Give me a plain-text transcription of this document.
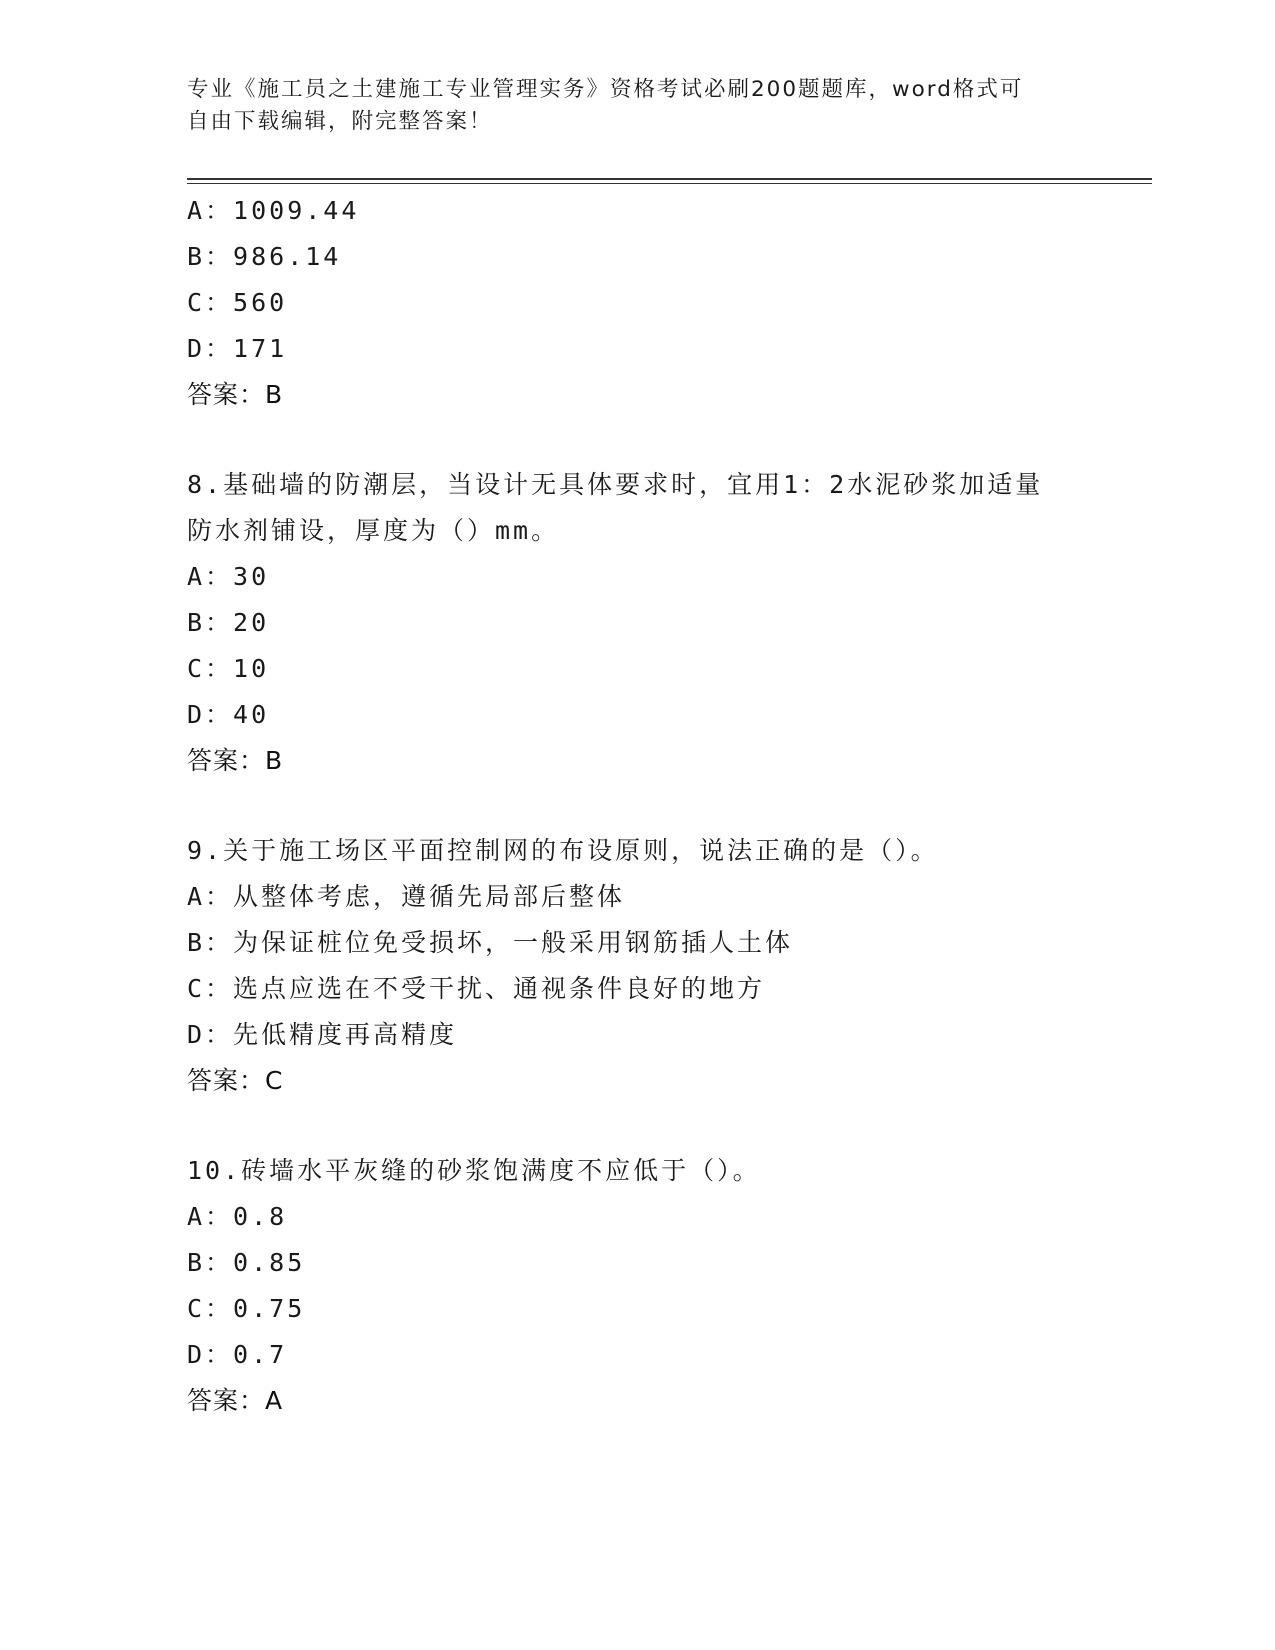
专业《施工员之土建施工专业管理实务》资格考试必刷200题题库，word格式可
自由下载编辑，附完整答案！
A：1009.44
B：986.14
C：560
D：171
答案：B
8.基础墙的防潮层，当设计无具体要求时，宜用1：2水泥砂浆加适量
防水剂铺设，厚度为（）mm。
A：30
B：20
C：10
D：40
答案：B
9.关于施工场区平面控制网的布设原则，说法正确的是（）。
A：从整体考虑，遵循先局部后整体
B：为保证桩位免受损坏，一般采用钢筋插人土体
C：选点应选在不受干扰、通视条件良好的地方
D：先低精度再高精度
答案：C
10.砖墙水平灰缝的砂浆饱满度不应低于（）。
A：0.8
B：0.85
C：0.75
D：0.7
答案：A
